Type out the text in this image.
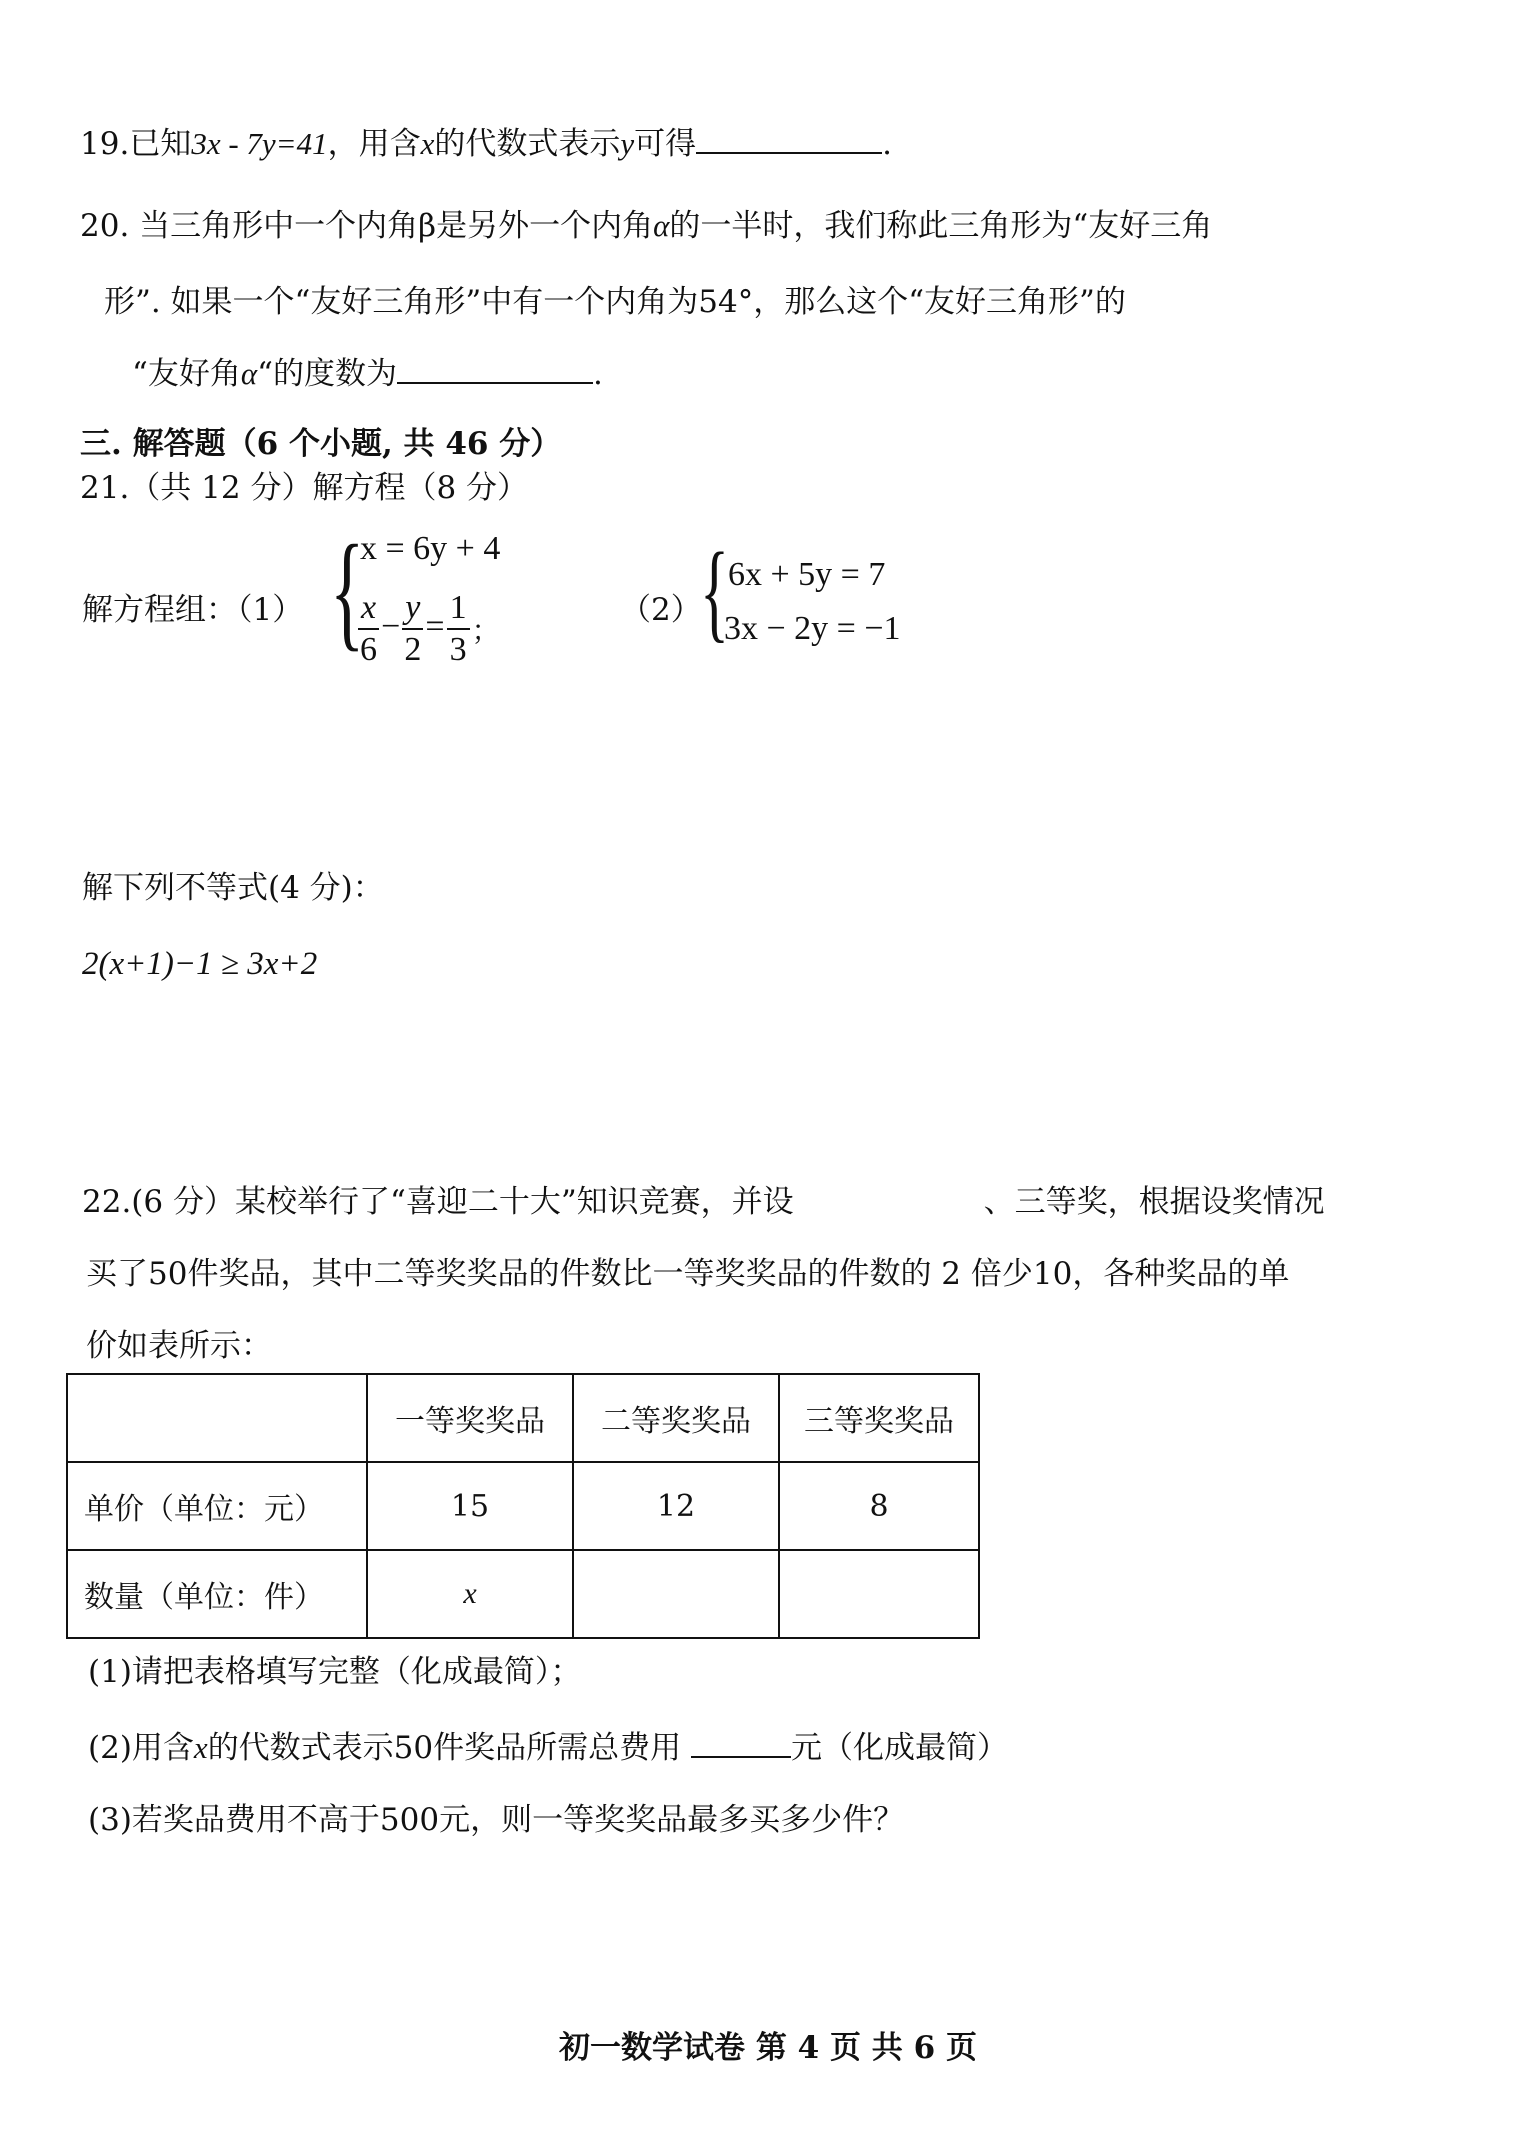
19.已知3x - 7y=41，用含x的代数式表示y可得	.
20. 当三角形中一个内角β是另外一个内角α的一半时，我们称此三角形为“友好三角
形”. 如果一个“友好三角形”中有一个内角为54°，那么这个“友好三角形”的
“友好角α“的度数为	.
三. 解答题（6 个小题, 共 46 分）
21.（共 12 分）解方程（8 分）
解方程组：（1） {
x = 6y + 4
$\frac{x}{6} - \frac{y}{2} = \frac{1}{3}$ ；
（2）
{
6x + 5y = 7
3x − 2y = −1
解下列不等式(4 分)：
2(x+1)−1 ≥ 3x+2
22.(6 分）某校举行了“喜迎二十大”知识竞赛，并设	、三等奖，根据设奖情况
买了50件奖品，其中二等奖奖品的件数比一等奖奖品的件数的 2 倍少10，各种奖品的单
价如表所示：
	一等奖奖品	二等奖奖品	三等奖奖品
单价（单位：元）	15	12	8
数量（单位：件）	x		
(1)请把表格填写完整（化成最简）；
(2)用含x的代数式表示50件奖品所需总费用	元（化成最简）
(3)若奖品费用不高于500元，则一等奖奖品最多买多少件？
初一数学试卷 第 4 页 共 6 页
